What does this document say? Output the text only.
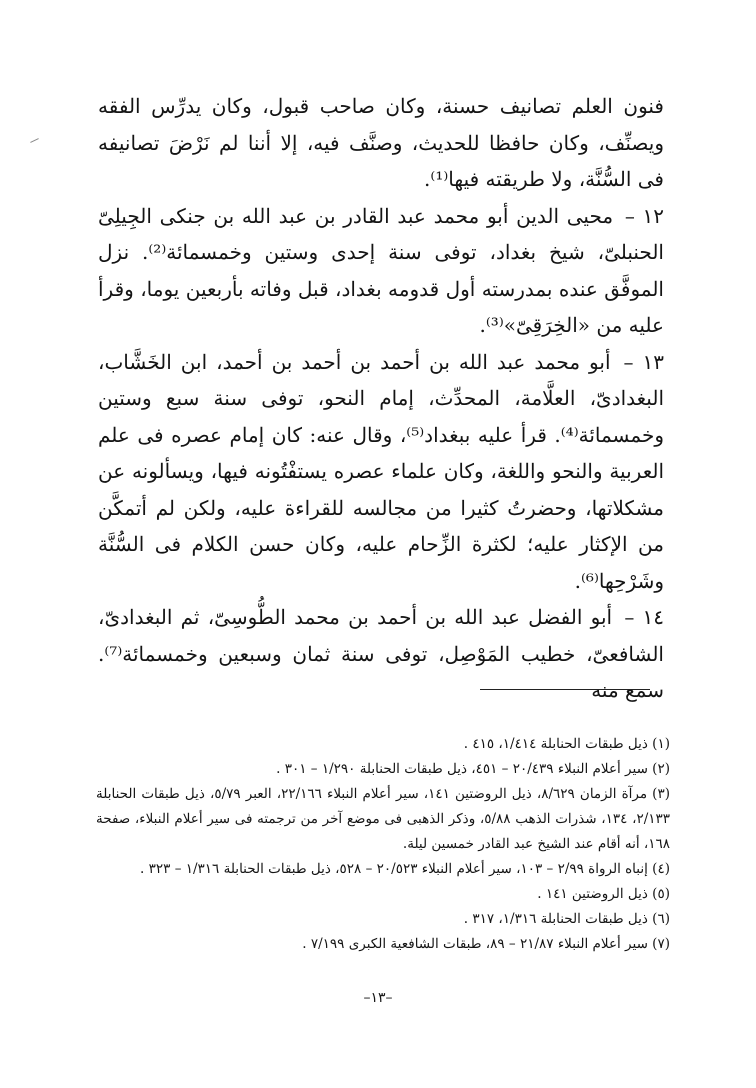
فنون العلم تصانيف حسنة، وكان صاحب قبول، وكان يدرِّس الفقه ويصنِّف، وكان حافظا للحديث، وصنَّف فيه، إلا أننا لم نَرْضَ تصانيفه فى السُّنَّة، ولا طريقته فيها⁽¹⁾.

١٢ – محيى الدين أبو محمد عبد القادر بن عبد الله بن جنكى الجِيلِىّ الحنبلىّ، شيخ بغداد، توفى سنة إحدى وستين وخمسمائة⁽²⁾. نزل الموفَّق عنده بمدرسته أول قدومه بغداد، قبل وفاته بأربعين يوما، وقرأ عليه من «الخِرَقِىّ»⁽³⁾.

١٣ – أبو محمد عبد الله بن أحمد بن أحمد بن أحمد، ابن الخَشَّاب، البغدادىّ، العلَّامة، المحدِّث، إمام النحو، توفى سنة سبع وستين وخمسمائة⁽⁴⁾. قرأ عليه ببغداد⁽⁵⁾، وقال عنه: كان إمام عصره فى علم العربية والنحو واللغة، وكان علماء عصره يستفْتُونه فيها، ويسألونه عن مشكلاتها، وحضرتُ كثيرا من مجالسه للقراءة عليه، ولكن لم أتمكَّن من الإكثار عليه؛ لكثرة الزِّحام عليه، وكان حسن الكلام فى السُّنَّة وشَرْحِها⁽⁶⁾.

١٤ – أبو الفضل عبد الله بن أحمد بن محمد الطُّوسِىّ، ثم البغدادىّ، الشافعىّ، خطيب المَوْصِل، توفى سنة ثمان وسبعين وخمسمائة⁽⁷⁾. سمع منه

(١) ذيل طبقات الحنابلة ١/٤١٤، ٤١٥ .

(٢) سير أعلام النبلاء ٢٠/٤٣٩ – ٤٥١، ذيل طبقات الحنابلة ١/٢٩٠ – ٣٠١ .

(٣) مرآة الزمان ٨/٦٢٩، ذيل الروضتين ١٤١، سير أعلام النبلاء ٢٢/١٦٦، العبر ٥/٧٩، ذيل طبقات الحنابلة ٢/١٣٣، ١٣٤، شذرات الذهب ٥/٨٨، وذكر الذهبى فى موضع آخر من ترجمته فى سير أعلام النبلاء، صفحة ١٦٨، أنه أقام عند الشيخ عبد القادر خمسين ليلة.

(٤) إنباه الرواة ٢/٩٩ – ١٠٣، سير أعلام النبلاء ٢٠/٥٢٣ – ٥٢٨، ذيل طبقات الحنابلة ١/٣١٦ – ٣٢٣ .

(٥) ذيل الروضتين ١٤١ .

(٦) ذيل طبقات الحنابلة ١/٣١٦، ٣١٧ .

(٧) سير أعلام النبلاء ٢١/٨٧ – ٨٩، طبقات الشافعية الكبرى ٧/١٩٩ .

–١٣–
